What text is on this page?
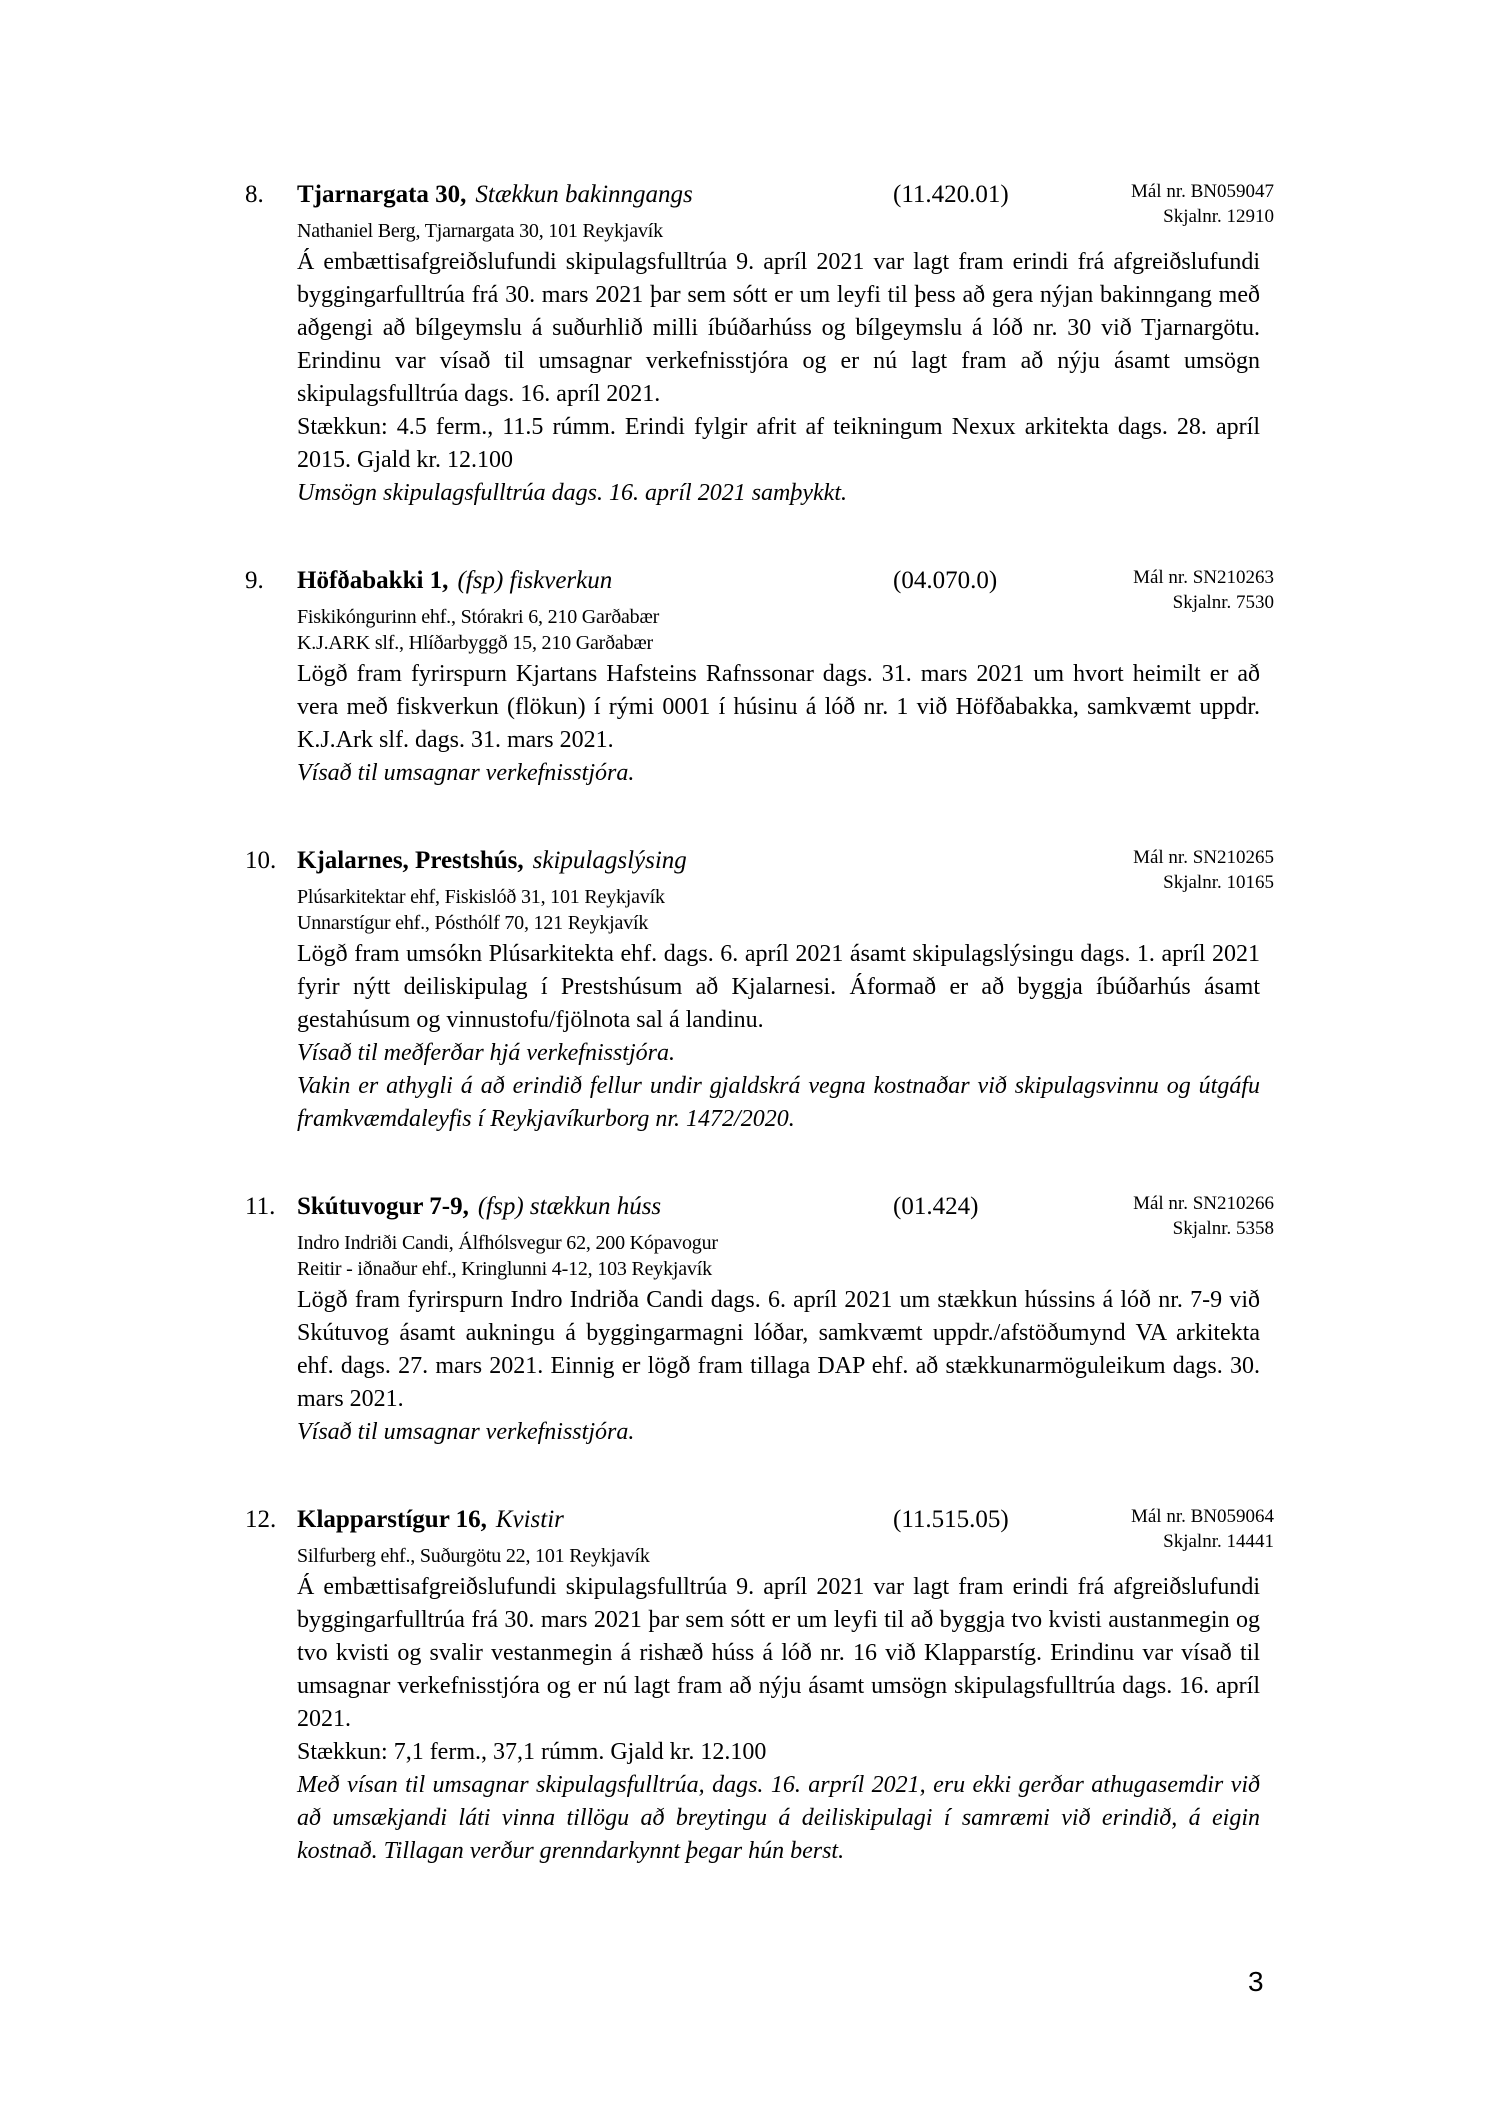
8. Tjarnargata 30, Stækkun bakinngangs	(11.420.01)	Mál nr. BN059047
Skjalnr. 12910
Nathaniel Berg, Tjarnargata 30, 101 Reykjavík

Á embættisafgreiðslufundi skipulagsfulltrúa 9. apríl 2021 var lagt fram erindi frá afgreiðslufundi byggingarfulltrúa frá 30. mars 2021 þar sem sótt er um leyfi til þess að gera nýjan bakinngang með aðgengi að bílgeymslu á suðurhlið milli íbúðarhúss og bílgeymslu á lóð nr. 30 við Tjarnargötu. Erindinu var vísað til umsagnar verkefnisstjóra og er nú lagt fram að nýju ásamt umsögn skipulagsfulltrúa dags. 16. apríl 2021.

Stækkun: 4.5 ferm., 11.5 rúmm. Erindi fylgir afrit af teikningum Nexux arkitekta dags. 28. apríl 2015. Gjald kr. 12.100

Umsögn skipulagsfulltrúa dags. 16. apríl 2021 samþykkt.

9. Höfðabakki 1, (fsp) fiskverkun	(04.070.0)	Mál nr. SN210263
Skjalnr. 7530
Fiskikóngurinn ehf., Stórakri 6, 210 Garðabær
K.J.ARK slf., Hlíðarbyggð 15, 210 Garðabær

Lögð fram fyrirspurn Kjartans Hafsteins Rafnssonar dags. 31. mars 2021 um hvort heimilt er að vera með fiskverkun (flökun) í rými 0001 í húsinu á lóð nr. 1 við Höfðabakka, samkvæmt uppdr. K.J.Ark slf. dags. 31. mars 2021.

Vísað til umsagnar verkefnisstjóra.

10. Kjalarnes, Prestshús, skipulagslýsing	Mál nr. SN210265
Skjalnr. 10165
Plúsarkitektar ehf, Fiskislóð 31, 101 Reykjavík
Unnarstígur ehf., Pósthólf 70, 121 Reykjavík

Lögð fram umsókn Plúsarkitekta ehf. dags. 6. apríl 2021 ásamt skipulagslýsingu dags. 1. apríl 2021 fyrir nýtt deiliskipulag í Prestshúsum að Kjalarnesi. Áformað er að byggja íbúðarhús ásamt gestahúsum og vinnustofu/fjölnota sal á landinu.

Vísað til meðferðar hjá verkefnisstjóra.

Vakin er athygli á að erindið fellur undir gjaldskrá vegna kostnaðar við skipulagsvinnu og útgáfu framkvæmdaleyfis í Reykjavíkurborg nr. 1472/2020.

11. Skútuvogur 7-9, (fsp) stækkun húss	(01.424)	Mál nr. SN210266
Skjalnr. 5358
Indro Indriði Candi, Álfhólsvegur 62, 200 Kópavogur
Reitir - iðnaður ehf., Kringlunni 4-12, 103 Reykjavík

Lögð fram fyrirspurn Indro Indriða Candi dags. 6. apríl 2021 um stækkun hússins á lóð nr. 7-9 við Skútuvog ásamt aukningu á byggingarmagni lóðar, samkvæmt uppdr./afstöðumynd VA arkitekta ehf. dags. 27. mars 2021. Einnig er lögð fram tillaga DAP ehf. að stækkunarmöguleikum dags. 30. mars 2021.

Vísað til umsagnar verkefnisstjóra.

12. Klapparstígur 16, Kvistir	(11.515.05)	Mál nr. BN059064
Skjalnr. 14441
Silfurberg ehf., Suðurgötu 22, 101 Reykjavík

Á embættisafgreiðslufundi skipulagsfulltrúa 9. apríl 2021 var lagt fram erindi frá afgreiðslufundi byggingarfulltrúa frá 30. mars 2021 þar sem sótt er um leyfi til að byggja tvo kvisti austanmegin og tvo kvisti og svalir vestanmegin á rishæð húss á lóð nr. 16 við Klapparstíg. Erindinu var vísað til umsagnar verkefnisstjóra og er nú lagt fram að nýju ásamt umsögn skipulagsfulltrúa dags. 16. apríl 2021.

Stækkun: 7,1 ferm., 37,1 rúmm. Gjald kr. 12.100

Með vísan til umsagnar skipulagsfulltrúa, dags. 16. arpríl 2021, eru ekki gerðar athugasemdir við að umsækjandi láti vinna tillögu að breytingu á deiliskipulagi í samræmi við erindið, á eigin kostnað. Tillagan verður grenndarkynnt þegar hún berst.

3
